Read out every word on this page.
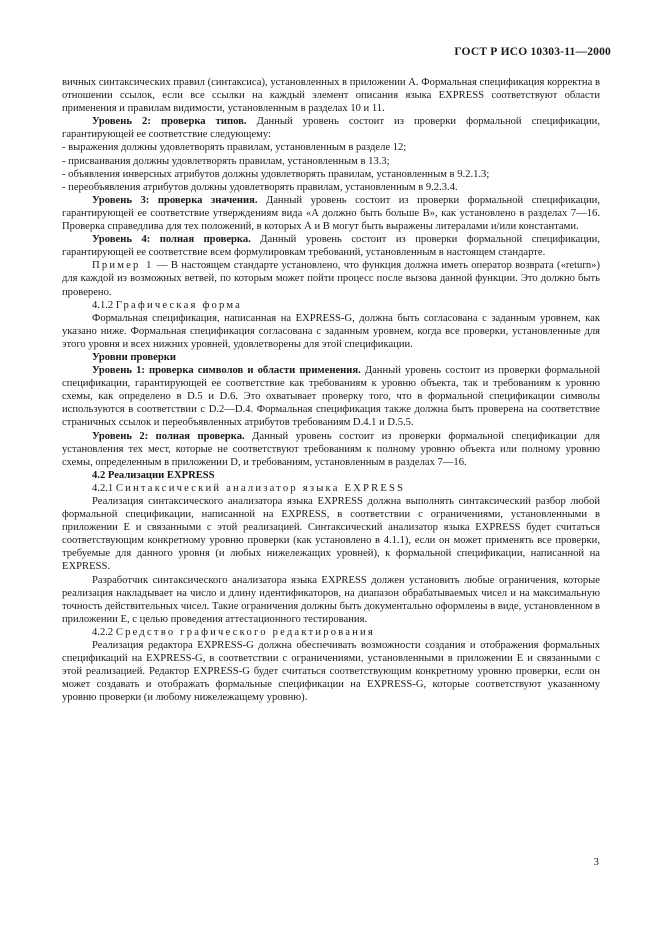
ГОСТ Р ИСО 10303-11—2000

вичных синтаксических правил (синтаксиса), установленных в приложении А. Формальная спецификация корректна в отношении ссылок, если все ссылки на каждый элемент описания языка EXPRESS соответствуют области применения и правилам видимости, установленным в разделах 10 и 11.

Уровень 2: проверка типов. Данный уровень состоит из проверки формальной спецификации, гарантирующей ее соответствие следующему:

- выражения должны удовлетворять правилам, установленным в разделе 12;

- присваивания должны удовлетворять правилам, установленным в 13.3;

- объявления инверсных атрибутов должны удовлетворять правилам, установленным в 9.2.1.3;

- переобъявления атрибутов должны удовлетворять правилам, установленным в 9.2.3.4.

Уровень 3: проверка значения. Данный уровень состоит из проверки формальной спецификации, гарантирующей ее соответствие утверждениям вида «А должно быть больше В», как установлено в разделах 7—16. Проверка справедлива для тех положений, в которых А и В могут быть выражены литералами и/или константами.

Уровень 4: полная проверка. Данный уровень состоит из проверки формальной спецификации, гарантирующей ее соответствие всем формулировкам требований, установленным в настоящем стандарте.

Пример 1 — В настоящем стандарте установлено, что функция должна иметь оператор возврата («return») для каждой из возможных ветвей, по которым может пойти процесс после вызова данной функции. Это должно быть проверено.

4.1.2 Графическая форма

Формальная спецификация, написанная на EXPRESS-G, должна быть согласована с заданным уровнем, как указано ниже. Формальная спецификация согласована с заданным уровнем, когда все проверки, установленные для этого уровня и всех нижних уровней, удовлетворены для этой спецификации.

Уровни проверки

Уровень 1: проверка символов и области применения. Данный уровень состоит из проверки формальной спецификации, гарантирующей ее соответствие как требованиям к уровню объекта, так и требованиям к уровню схемы, как определено в D.5 и D.6. Это охватывает проверку того, что в формальной спецификации символы используются в соответствии с D.2—D.4. Формальная спецификация также должна быть проверена на соответствие страничных ссылок и переобъявленных атрибутов требованиям D.4.1 и D.5.5.

Уровень 2: полная проверка. Данный уровень состоит из проверки формальной спецификации для установления тех мест, которые не соответствуют требованиям к полному уровню объекта или полному уровню схемы, определенным в приложении D, и требованиям, установленным в разделах 7—16.

4.2 Реализации EXPRESS

4.2.1 Синтаксический анализатор языка EXPRESS

Реализация синтаксического анализатора языка EXPRESS должна выполнять синтаксический разбор любой формальной спецификации, написанной на EXPRESS, в соответствии с ограничениями, установленными в приложении Е и связанными с этой реализацией. Синтаксический анализатор языка EXPRESS будет считаться соответствующим конкретному уровню проверки (как установлено в 4.1.1), если он может применять все проверки, требуемые для данного уровня (и любых нижележащих уровней), к формальной спецификации, написанной на EXPRESS.

Разработчик синтаксического анализатора языка EXPRESS должен установить любые ограничения, которые реализация накладывает на число и длину идентификаторов, на диапазон обрабатываемых чисел и на максимальную точность действительных чисел. Такие ограничения должны быть документально оформлены в виде, установленном в приложении Е, с целью проведения аттестационного тестирования.

4.2.2 Средство графического редактирования

Реализация редактора EXPRESS-G должна обеспечивать возможности создания и отображения формальных спецификаций на EXPRESS-G, в соответствии с ограничениями, установленными в приложении Е и связанными с этой реализацией. Редактор EXPRESS-G будет считаться соответствующим конкретному уровню проверки, если он может создавать и отображать формальные спецификации на EXPRESS-G, которые соответствуют указанному уровню проверки (и любому нижележащему уровню).

3
